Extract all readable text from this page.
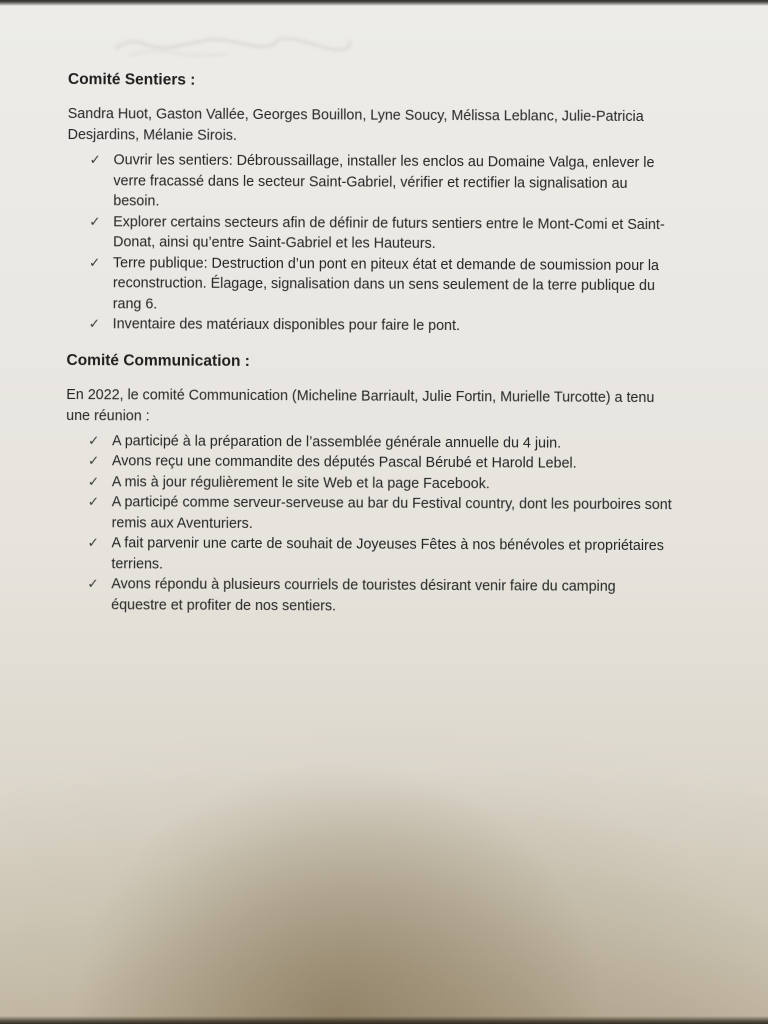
Comité Sentiers :

Sandra Huot, Gaston Vallée, Georges Bouillon, Lyne Soucy, Mélissa Leblanc, Julie-Patricia
Desjardins, Mélanie Sirois.

✓ Ouvrir les sentiers: Débroussaillage, installer les enclos au Domaine Valga, enlever le
verre fracassé dans le secteur Saint-Gabriel, vérifier et rectifier la signalisation au
besoin.
✓ Explorer certains secteurs afin de définir de futurs sentiers entre le Mont-Comi et Saint-
Donat, ainsi qu’entre Saint-Gabriel et les Hauteurs.
✓ Terre publique: Destruction d’un pont en piteux état et demande de soumission pour la
reconstruction. Élagage, signalisation dans un sens seulement de la terre publique du
rang 6.
✓ Inventaire des matériaux disponibles pour faire le pont.
Comité Communication :

En 2022, le comité Communication (Micheline Barriault, Julie Fortin, Murielle Turcotte) a tenu
une réunion :

✓ A participé à la préparation de l’assemblée générale annuelle du 4 juin.
✓ Avons reçu une commandite des députés Pascal Bérubé et Harold Lebel.
✓ A mis à jour régulièrement le site Web et la page Facebook.
✓ A participé comme serveur-serveuse au bar du Festival country, dont les pourboires sont
remis aux Aventuriers.
✓ A fait parvenir une carte de souhait de Joyeuses Fêtes à nos bénévoles et propriétaires
terriens.
✓ Avons répondu à plusieurs courriels de touristes désirant venir faire du camping
équestre et profiter de nos sentiers.
